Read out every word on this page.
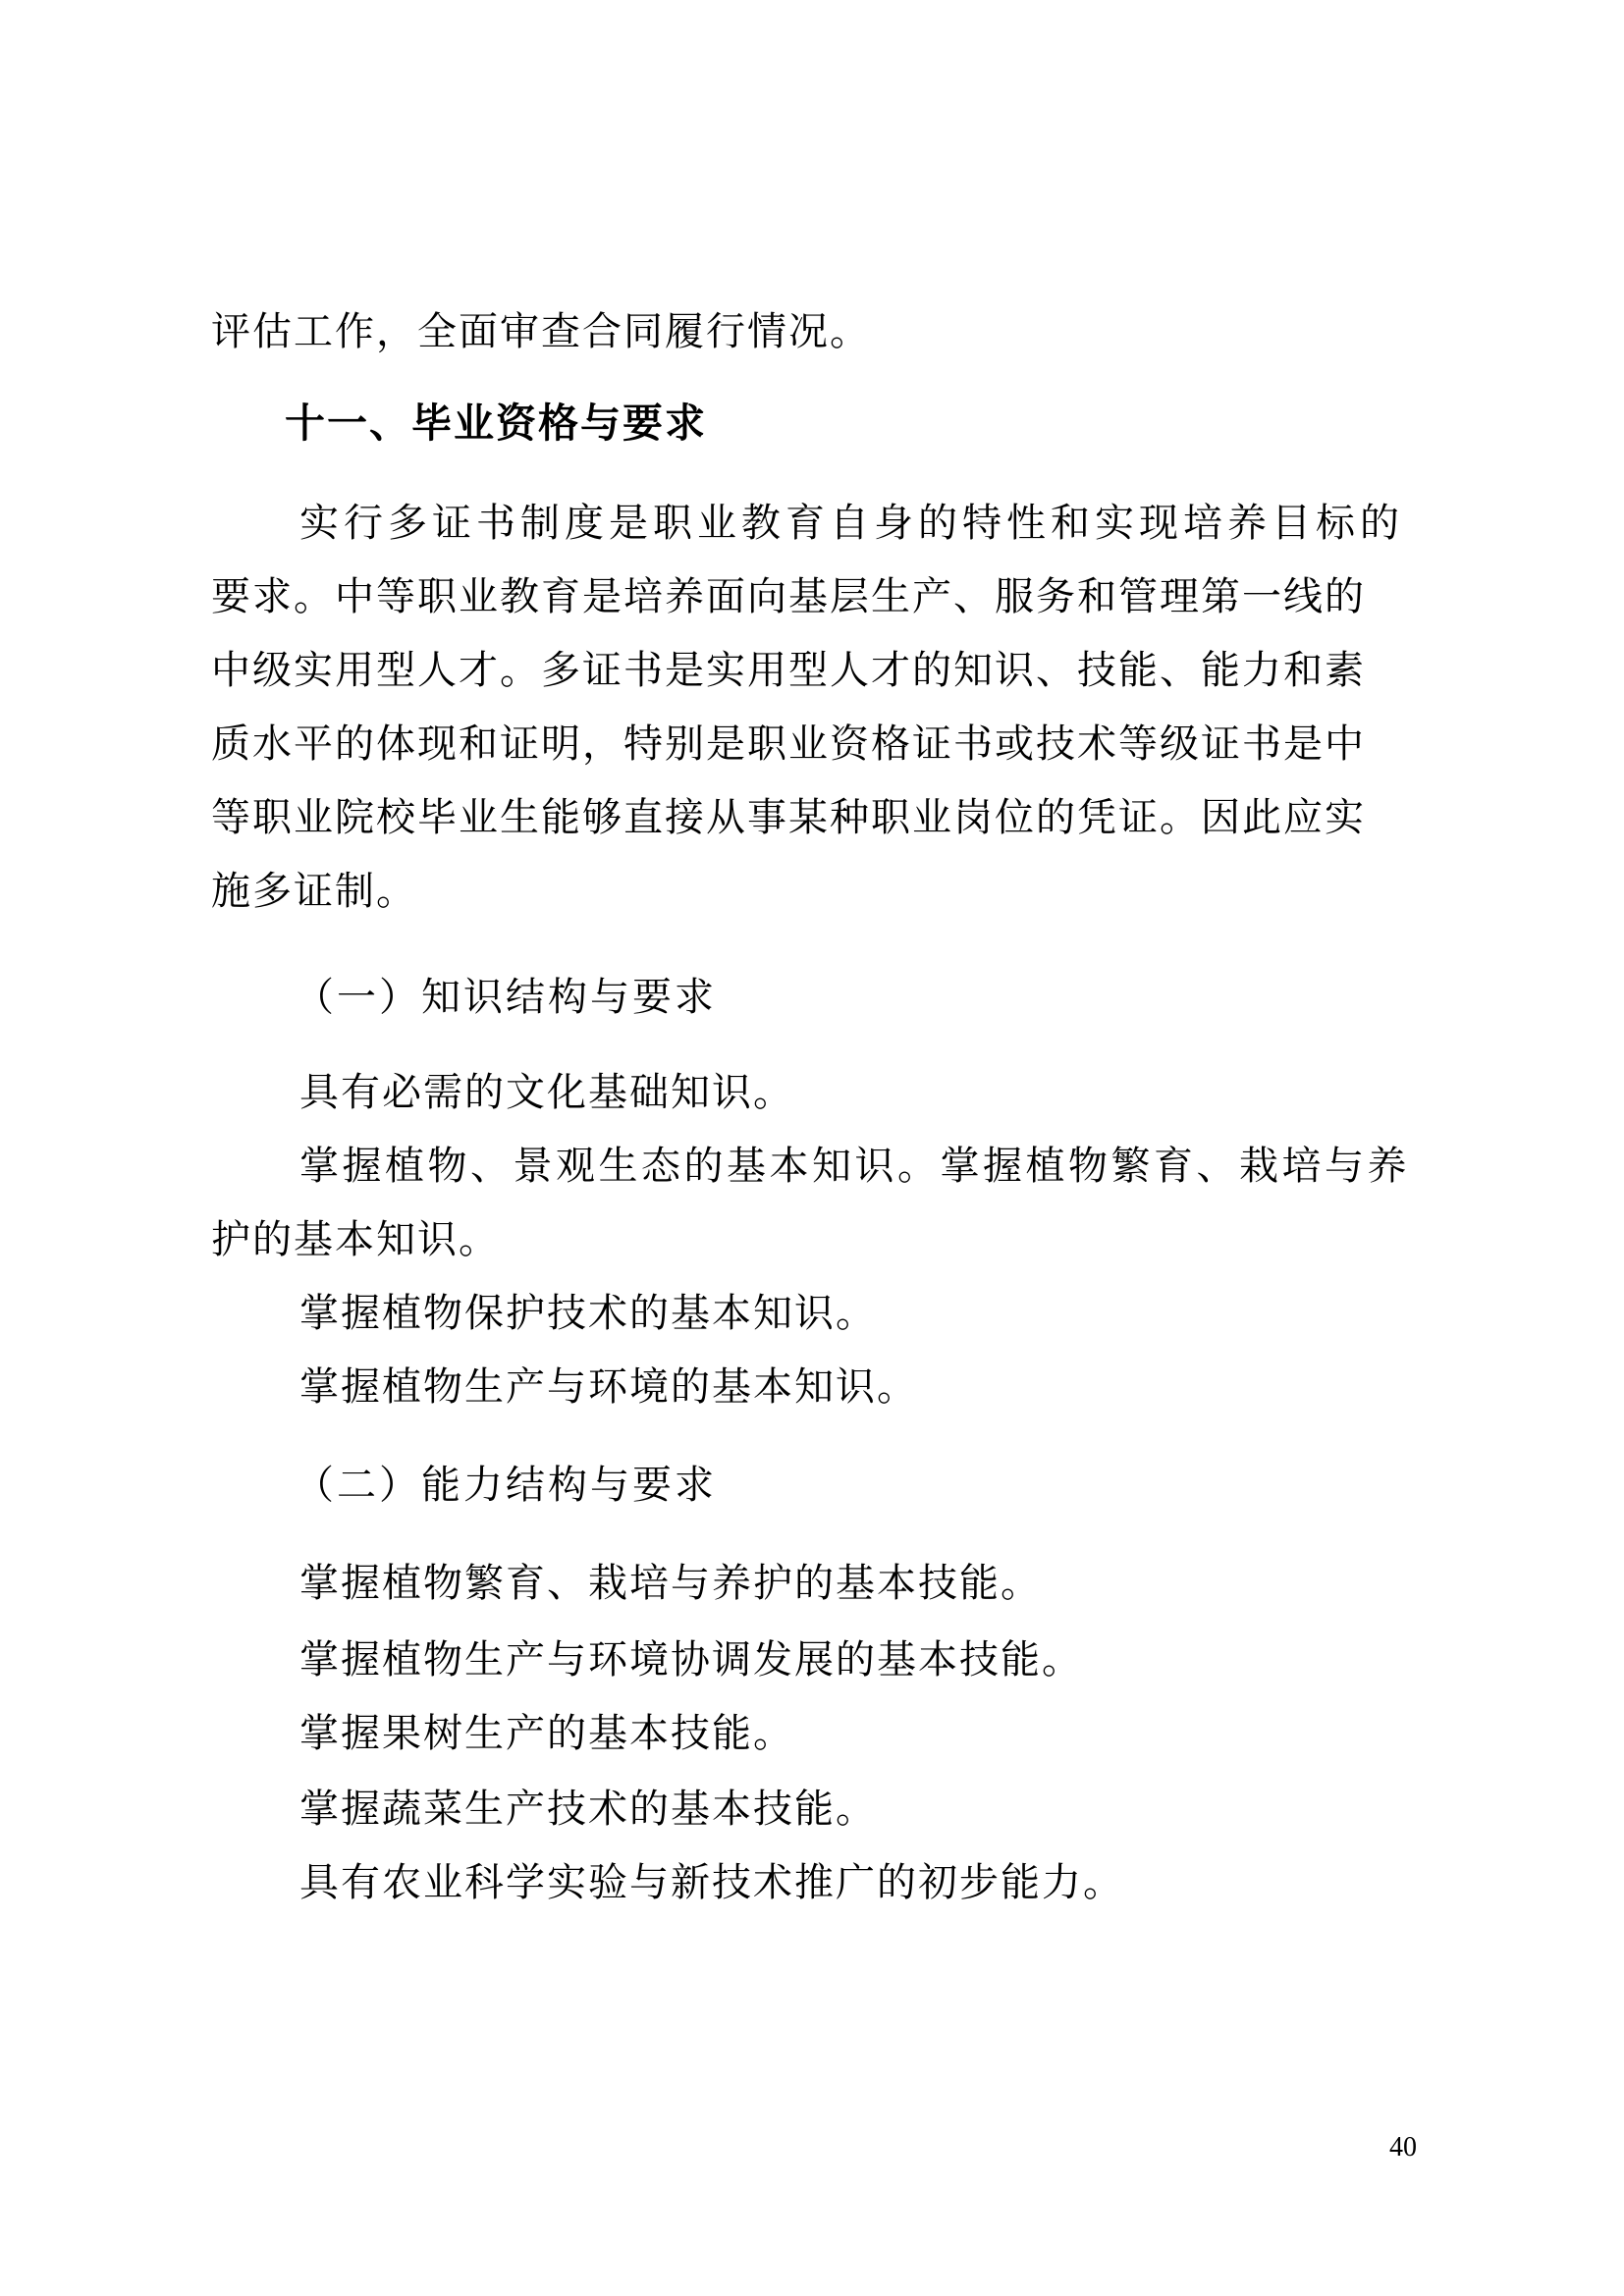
评估工作，全面审查合同履行情况。
十一、毕业资格与要求
实行多证书制度是职业教育自身的特性和实现培养目标的
要求。中等职业教育是培养面向基层生产、服务和管理第一线的
中级实用型人才。多证书是实用型人才的知识、技能、能力和素
质水平的体现和证明，特别是职业资格证书或技术等级证书是中
等职业院校毕业生能够直接从事某种职业岗位的凭证。因此应实
施多证制。
（一）知识结构与要求
具有必需的文化基础知识。
掌握植物、景观生态的基本知识。掌握植物繁育、栽培与养
护的基本知识。
掌握植物保护技术的基本知识。
掌握植物生产与环境的基本知识。
（二）能力结构与要求
掌握植物繁育、栽培与养护的基本技能。
掌握植物生产与环境协调发展的基本技能。
掌握果树生产的基本技能。
掌握蔬菜生产技术的基本技能。
具有农业科学实验与新技术推广的初步能力。
40
